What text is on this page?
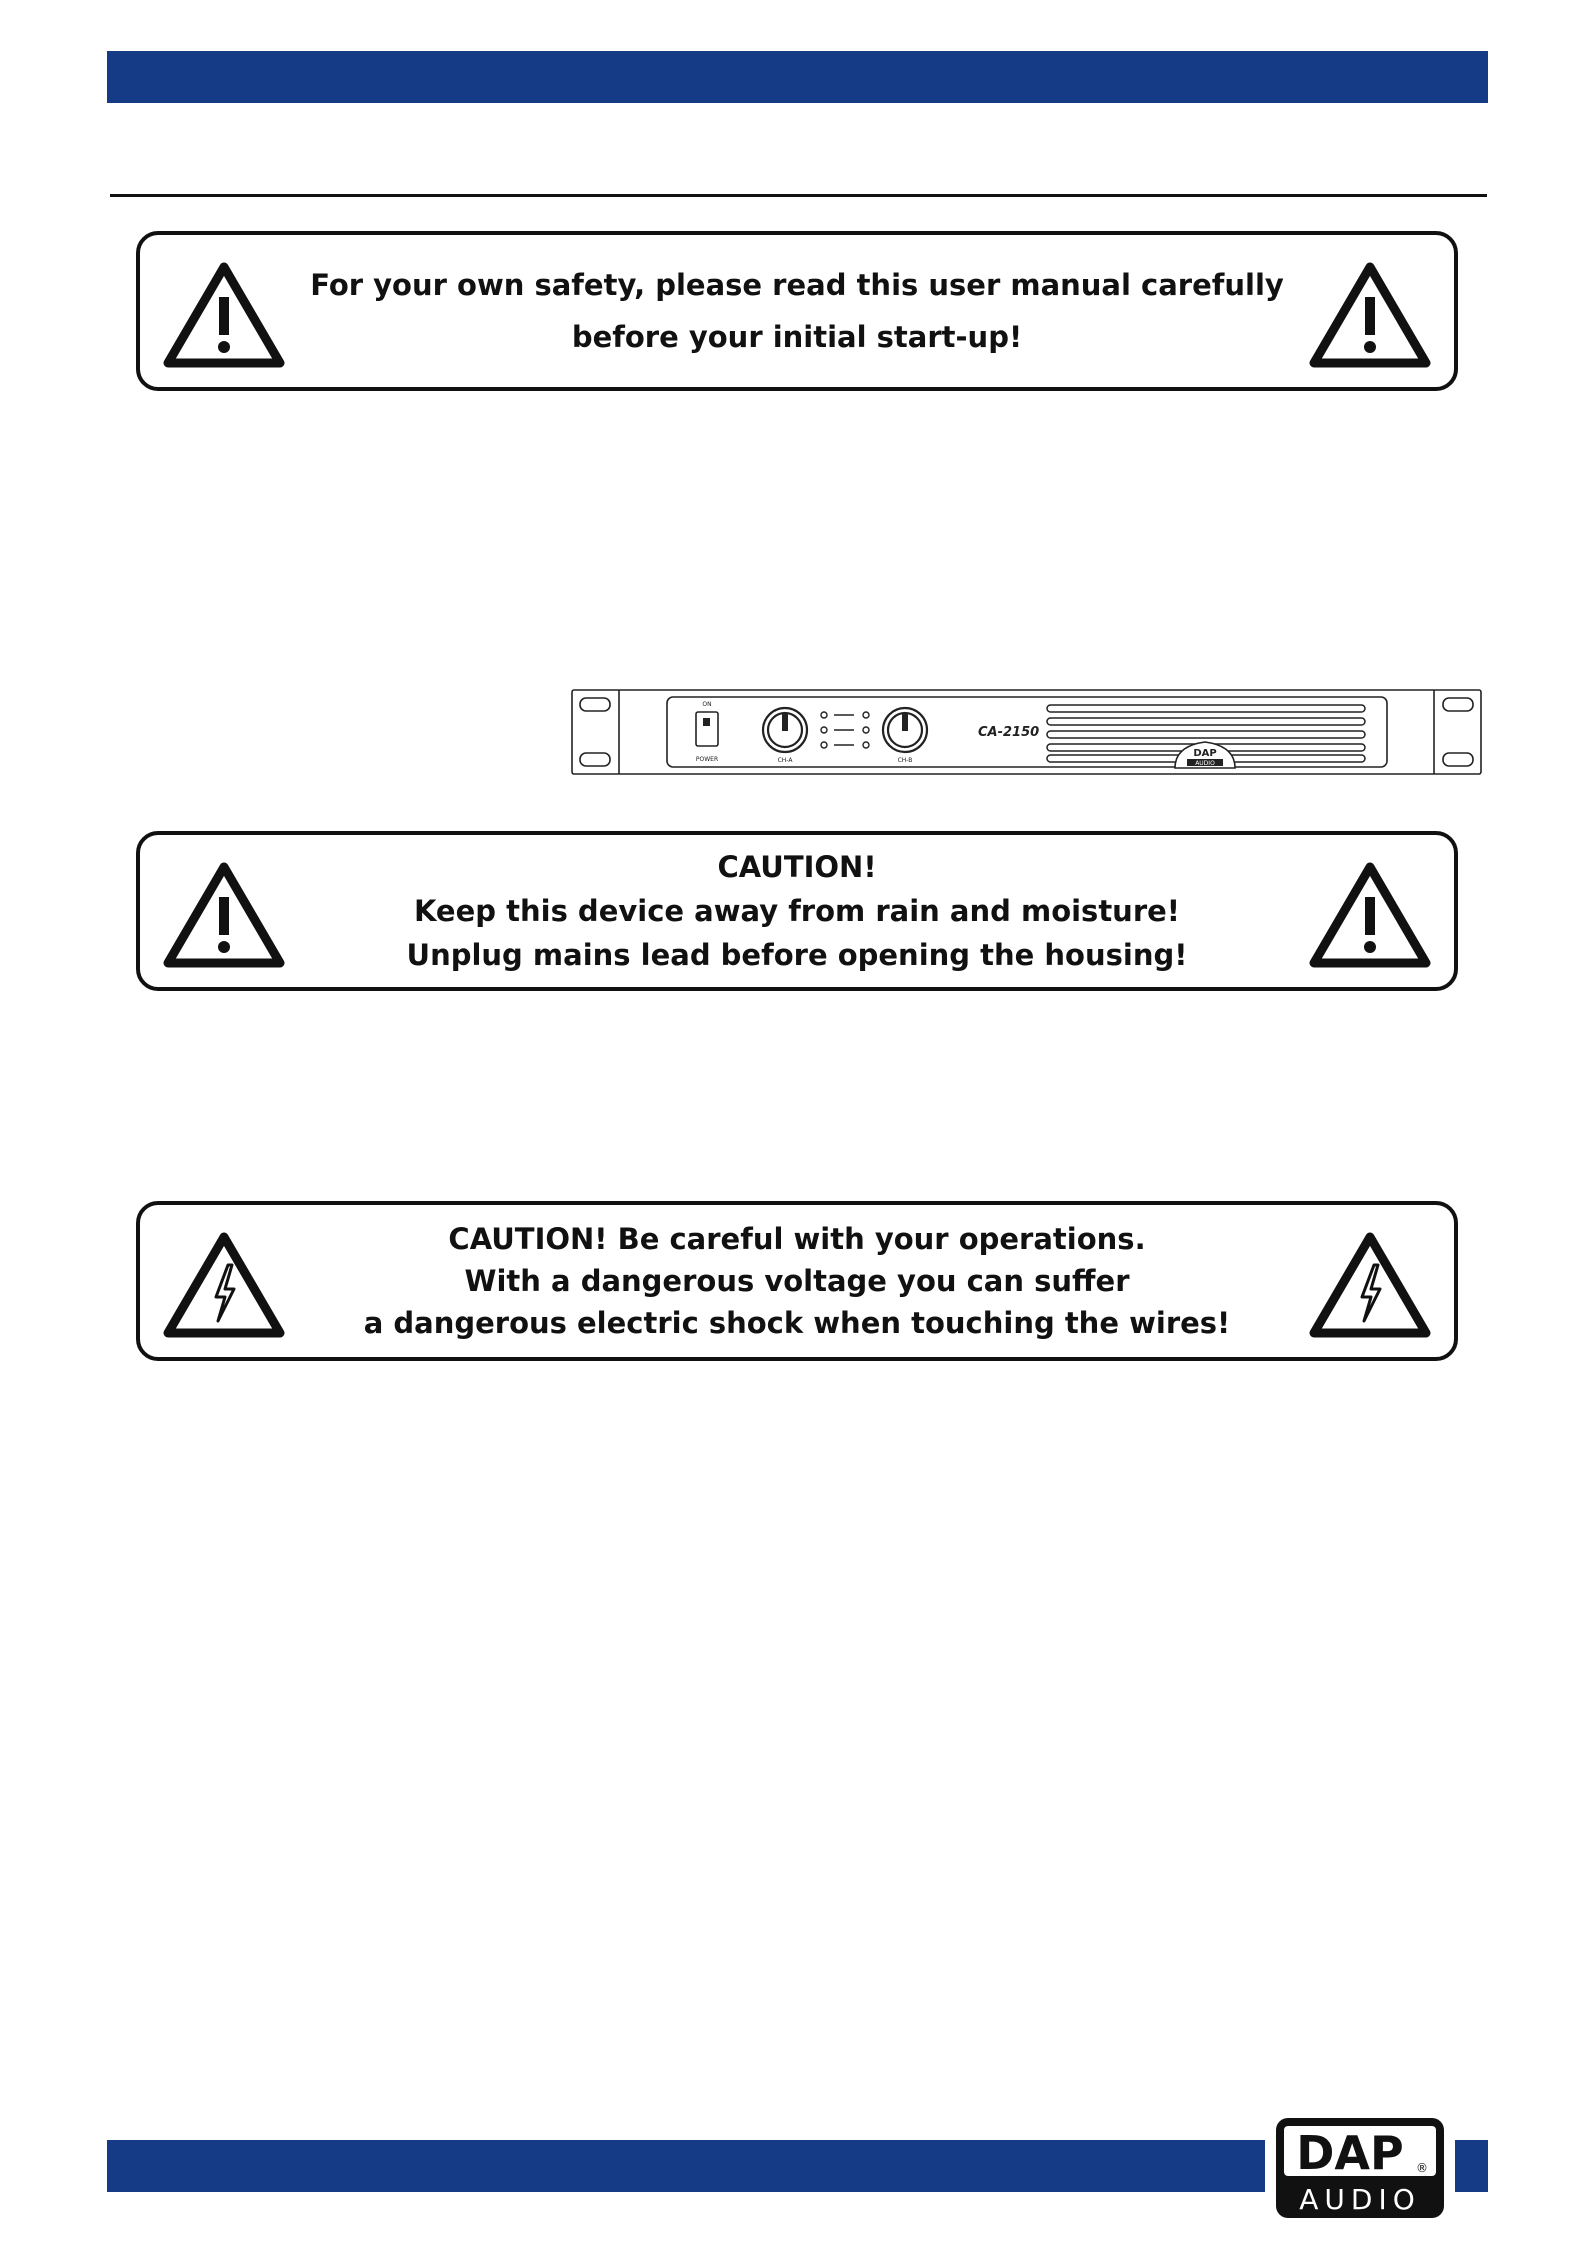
For your own safety, please read this user manual carefully
before your initial start-up!
ON
POWER	CH-A	CH-B
CA-2150
DAP
AUDIO
CAUTION!
Keep this device away from rain and moisture!
Unplug mains lead before opening the housing!
CAUTION! Be careful with your operations.
With a dangerous voltage you can suffer
a dangerous electric shock when touching the wires!
DAP ®
AUDIO
